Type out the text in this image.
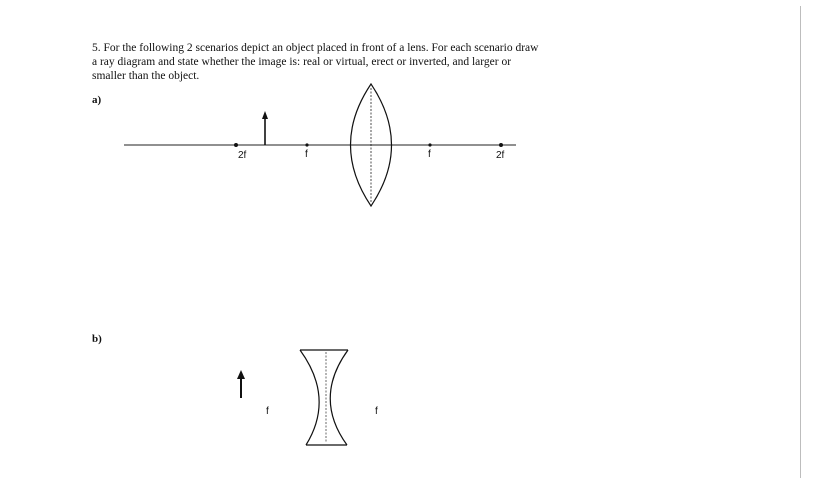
5. For the following 2 scenarios depict an object placed in front of a lens. For each scenario draw
a ray diagram and state whether the image is: real or virtual, erect or inverted, and larger or
smaller than the object.
a)
b)
2f	f	f	2f
f	f
